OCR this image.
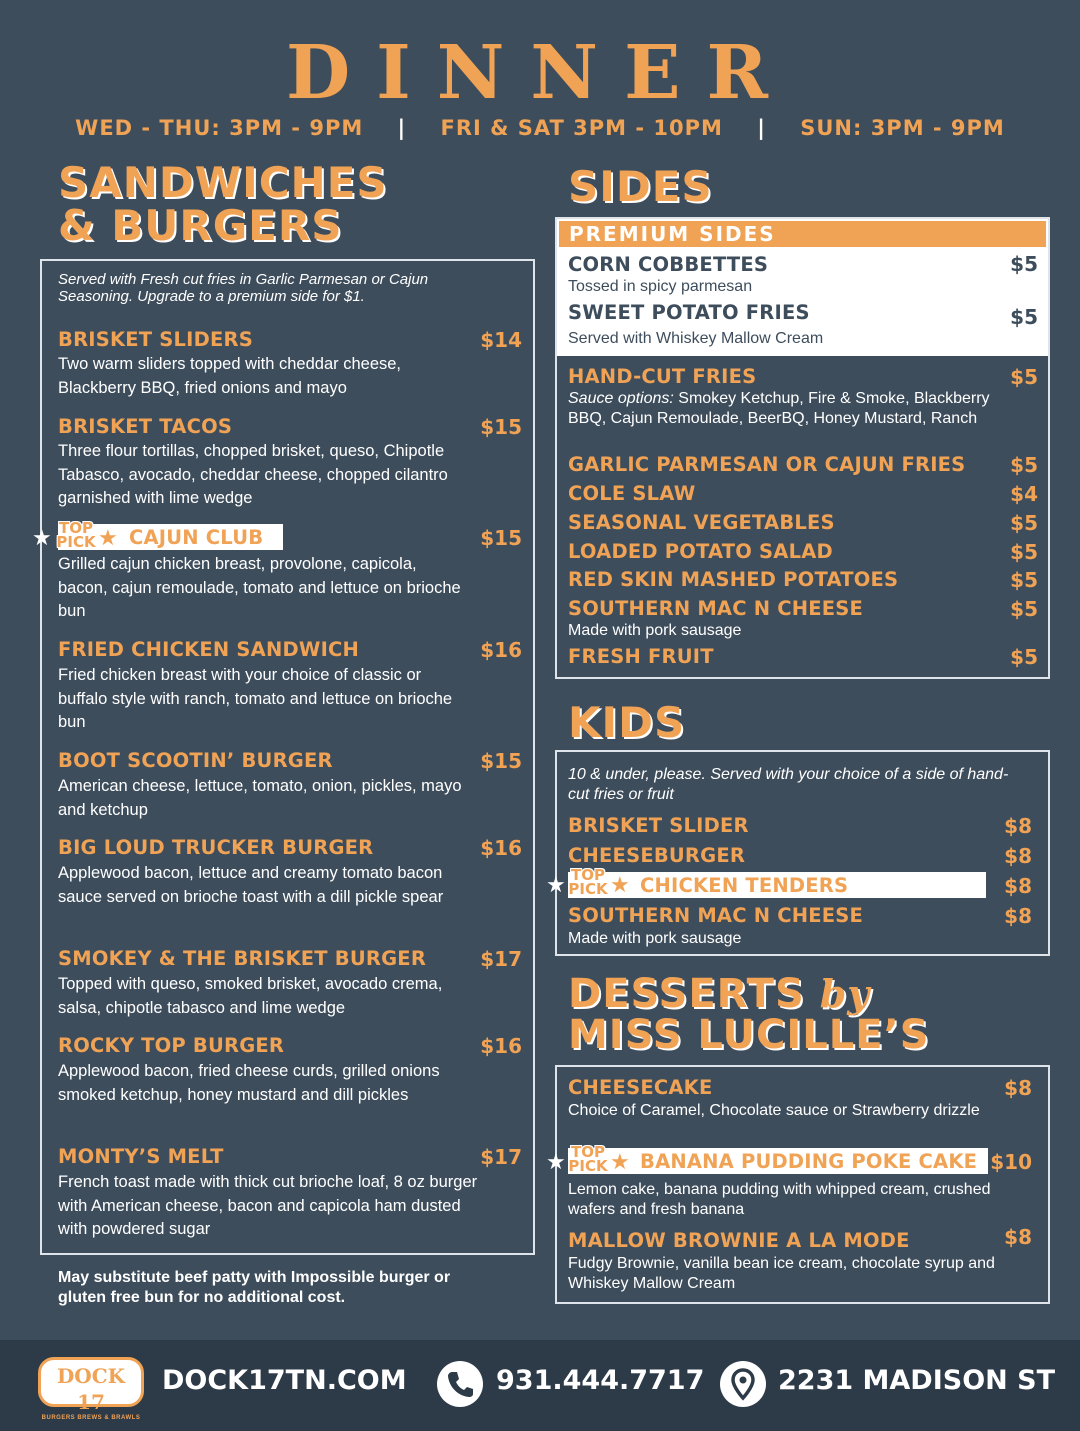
DINNER
WED - THU: 3PM - 9PM | FRI & SAT 3PM - 10PM | SUN: 3PM - 9PM
SANDWICHES
& BURGERS
Served with Fresh cut fries in Garlic Parmesan or Cajun Seasoning. Upgrade to a premium side for $1.
BRISKET SLIDERS	$14
Two warm sliders topped with cheddar cheese, Blackberry BBQ, fried onions and mayo
BRISKET TACOS	$15
Three flour tortillas, chopped brisket, queso, Chipotle Tabasco, avocado, cheddar cheese, chopped cilantro garnished with lime wedge
★ TOP
PICK ★ CAJUN CLUB	$15
Grilled cajun chicken breast, provolone, capicola, bacon, cajun remoulade, tomato and lettuce on brioche bun
FRIED CHICKEN SANDWICH	$16
Fried chicken breast with your choice of classic or buffalo style with ranch, tomato and lettuce on brioche bun
BOOT SCOOTIN’ BURGER	$15
American cheese, lettuce, tomato, onion, pickles, mayo and ketchup
BIG LOUD TRUCKER BURGER	$16
Applewood bacon, lettuce and creamy tomato bacon sauce served on brioche toast with a dill pickle spear
SMOKEY & THE BRISKET BURGER	$17
Topped with queso, smoked brisket, avocado crema, salsa, chipotle tabasco and lime wedge
ROCKY TOP BURGER	$16
Applewood bacon, fried cheese curds, grilled onions smoked ketchup, honey mustard and dill pickles
MONTY’S MELT	$17
French toast made with thick cut brioche loaf, 8 oz burger with American cheese, bacon and capicola ham dusted with powdered sugar
May substitute beef patty with Impossible burger or gluten free bun for no additional cost.
SIDES
PREMIUM SIDES
CORN COBBETTES	$5
Tossed in spicy parmesan
SWEET POTATO FRIES	$5
Served with Whiskey Mallow Cream
HAND-CUT FRIES	$5
Sauce options: Smokey Ketchup, Fire & Smoke, Blackberry BBQ, Cajun Remoulade, BeerBQ, Honey Mustard, Ranch
GARLIC PARMESAN OR CAJUN FRIES	$5
COLE SLAW	$4
SEASONAL VEGETABLES	$5
LOADED POTATO SALAD	$5
RED SKIN MASHED POTATOES	$5
SOUTHERN MAC N CHEESE	$5
Made with pork sausage
FRESH FRUIT	$5
KIDS
10 & under, please. Served with your choice of a side of hand-cut fries or fruit
BRISKET SLIDER	$8
CHEESEBURGER	$8
★ TOP
PICK ★ CHICKEN TENDERS	$8
SOUTHERN MAC N CHEESE	$8
Made with pork sausage
DESSERTS by
MISS LUCILLE’S
CHEESECAKE	$8
Choice of Caramel, Chocolate sauce or Strawberry drizzle
★ TOP
PICK ★ BANANA PUDDING POKE CAKE $10
Lemon cake, banana pudding with whipped cream, crushed wafers and fresh banana
MALLOW BROWNIE A LA MODE	$8
Fudgy Brownie, vanilla bean ice cream, chocolate syrup and Whiskey Mallow Cream
DOCK 17
BURGERS BREWS & BRAWLS
DOCK17TN.COM	931.444.7717	2231 MADISON ST
